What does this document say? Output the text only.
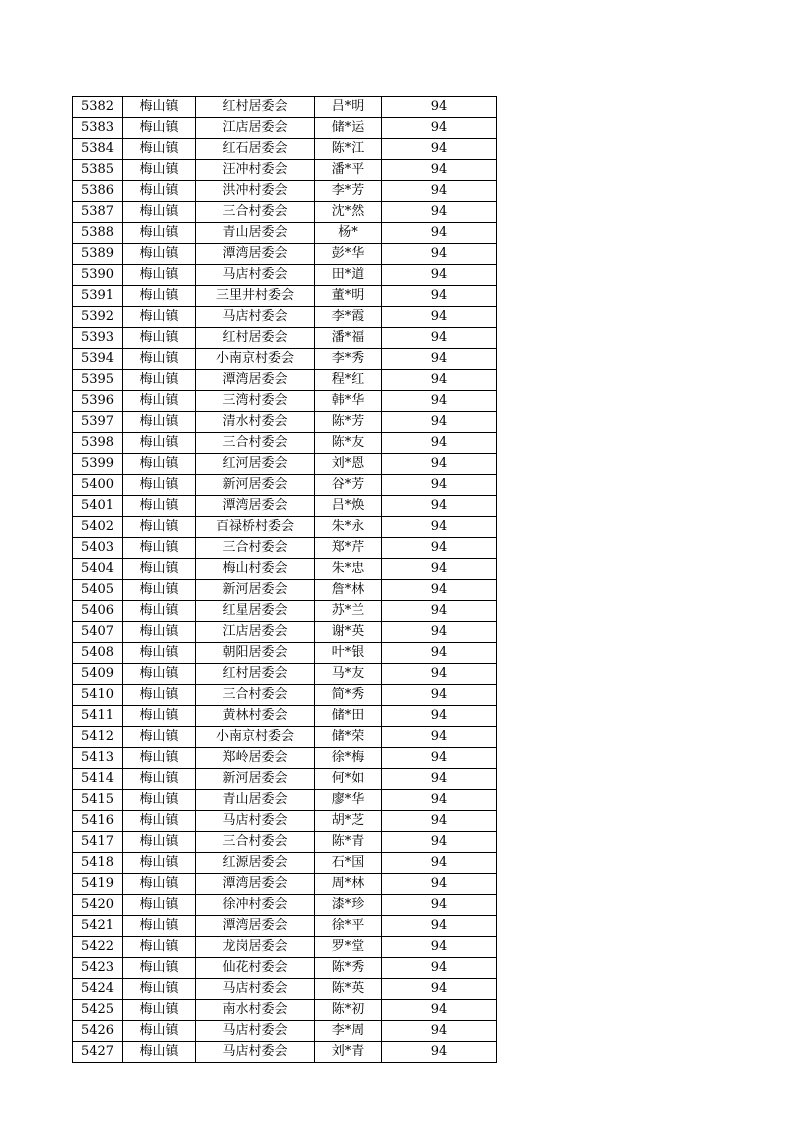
5382	梅山镇	红村居委会	吕*明	94
5383	梅山镇	江店居委会	储*运	94
5384	梅山镇	红石居委会	陈*江	94
5385	梅山镇	汪冲村委会	潘*平	94
5386	梅山镇	洪冲村委会	李*芳	94
5387	梅山镇	三合村委会	沈*然	94
5388	梅山镇	青山居委会	杨*	94
5389	梅山镇	潭湾居委会	彭*华	94
5390	梅山镇	马店村委会	田*道	94
5391	梅山镇	三里井村委会	董*明	94
5392	梅山镇	马店村委会	李*霞	94
5393	梅山镇	红村居委会	潘*福	94
5394	梅山镇	小南京村委会	李*秀	94
5395	梅山镇	潭湾居委会	程*红	94
5396	梅山镇	三湾村委会	韩*华	94
5397	梅山镇	清水村委会	陈*芳	94
5398	梅山镇	三合村委会	陈*友	94
5399	梅山镇	红河居委会	刘*恩	94
5400	梅山镇	新河居委会	谷*芳	94
5401	梅山镇	潭湾居委会	吕*焕	94
5402	梅山镇	百禄桥村委会	朱*永	94
5403	梅山镇	三合村委会	郑*芹	94
5404	梅山镇	梅山村委会	朱*忠	94
5405	梅山镇	新河居委会	詹*林	94
5406	梅山镇	红星居委会	苏*兰	94
5407	梅山镇	江店居委会	谢*英	94
5408	梅山镇	朝阳居委会	叶*银	94
5409	梅山镇	红村居委会	马*友	94
5410	梅山镇	三合村委会	简*秀	94
5411	梅山镇	黄林村委会	储*田	94
5412	梅山镇	小南京村委会	储*荣	94
5413	梅山镇	郑岭居委会	徐*梅	94
5414	梅山镇	新河居委会	何*如	94
5415	梅山镇	青山居委会	廖*华	94
5416	梅山镇	马店村委会	胡*芝	94
5417	梅山镇	三合村委会	陈*青	94
5418	梅山镇	红源居委会	石*国	94
5419	梅山镇	潭湾居委会	周*林	94
5420	梅山镇	徐冲村委会	漆*珍	94
5421	梅山镇	潭湾居委会	徐*平	94
5422	梅山镇	龙岗居委会	罗*堂	94
5423	梅山镇	仙花村委会	陈*秀	94
5424	梅山镇	马店村委会	陈*英	94
5425	梅山镇	南水村委会	陈*初	94
5426	梅山镇	马店村委会	李*周	94
5427	梅山镇	马店村委会	刘*青	94
